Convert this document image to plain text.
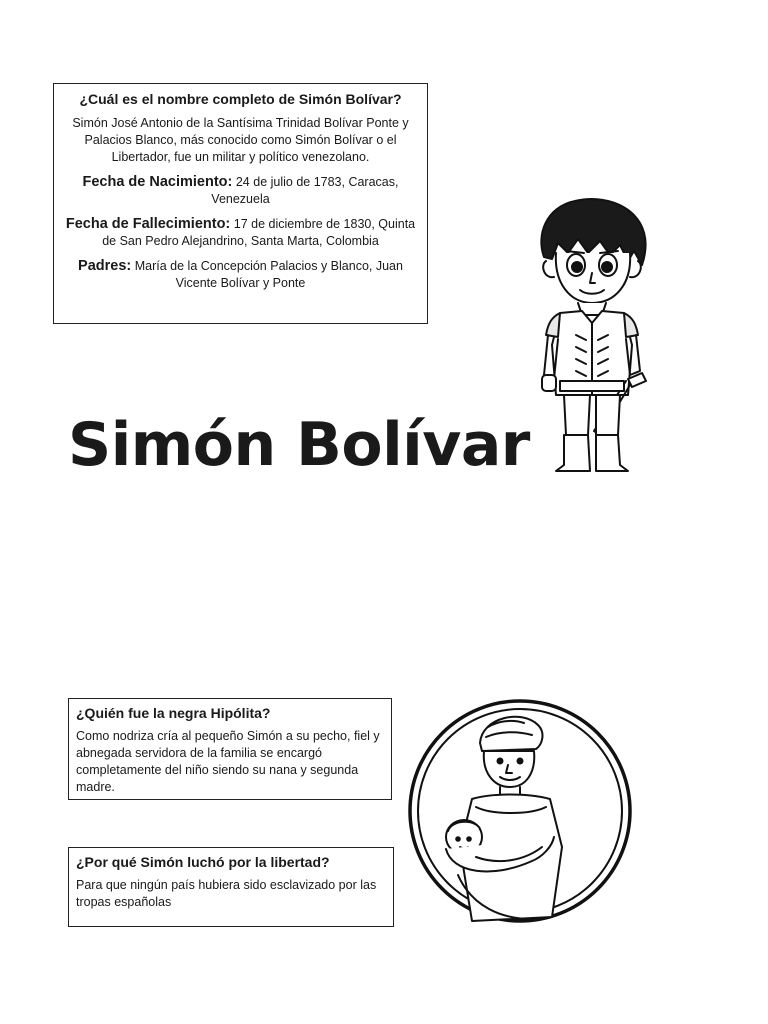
¿Cuál es el nombre completo de Simón Bolívar?
Simón José Antonio de la Santísima Trinidad Bolívar Ponte y Palacios Blanco, más conocido como Simón Bolívar o el Libertador, fue un militar y político venezolano.
Fecha de Nacimiento: 24 de julio de 1783, Caracas, Venezuela
Fecha de Fallecimiento: 17 de diciembre de 1830, Quinta de San Pedro Alejandrino, Santa Marta, Colombia
Padres: María de la Concepción Palacios y Blanco, Juan Vicente Bolívar y Ponte
Simón Bolívar
¿Quién fue la negra Hipólita?
Como nodriza cría al pequeño Simón a su pecho, fiel y abnegada servidora de la familia se encargó completamente del niño siendo su nana y segunda madre.
¿Por qué Simón luchó por la libertad?
Para que ningún país hubiera sido esclavizado por las tropas españolas
